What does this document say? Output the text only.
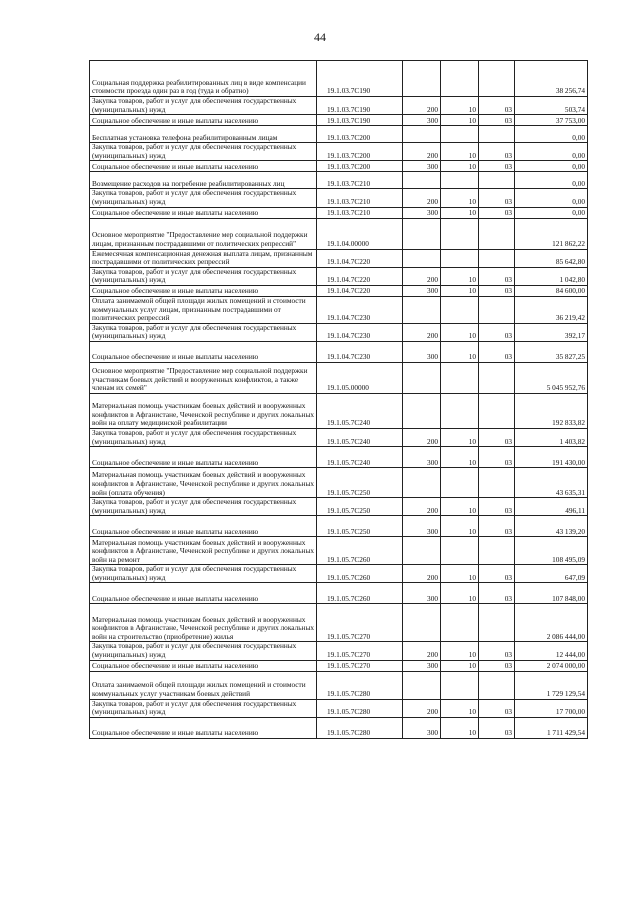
44
Социальная поддержка реабилитированных лиц в виде компенсации стоимости проезда один раз в год (туда и обратно)	19.1.03.7С190				38 256,74
Закупка товаров, работ и услуг для обеспечения государственных (муниципальных) нужд	19.1.03.7С190	200	10	03	503,74
Социальное обеспечение и иные выплаты населению	19.1.03.7С190	300	10	03	37 753,00
Бесплатная установка телефона реабилитированным лицам	19.1.03.7С200				0,00
Закупка товаров, работ и услуг для обеспечения государственных (муниципальных) нужд	19.1.03.7С200	200	10	03	0,00
Социальное обеспечение и иные выплаты населению	19.1.03.7С200	300	10	03	0,00
Возмещение расходов на погребение реабилитированных лиц	19.1.03.7С210				0,00
Закупка товаров, работ и услуг для обеспечения государственных (муниципальных) нужд	19.1.03.7С210	200	10	03	0,00
Социальное обеспечение и иные выплаты населению	19.1.03.7С210	300	10	03	0,00
Основное мероприятие "Предоставление мер социальной поддержки лицам, признанным пострадавшими от политических репрессий"	19.1.04.00000				121 862,22
Ежемесячная компенсационная денежная выплата лицам, признанным пострадавшими от политических репрессий	19.1.04.7С220				85 642,80
Закупка товаров, работ и услуг для обеспечения государственных (муниципальных) нужд	19.1.04.7С220	200	10	03	1 042,80
Социальное обеспечение и иные выплаты населению	19.1.04.7С220	300	10	03	84 600,00
Оплата занимаемой общей площади жилых помещений и стоимости коммунальных услуг лицам, признанным пострадавшими от политических репрессий	19.1.04.7С230				36 219,42
Закупка товаров, работ и услуг для обеспечения государственных (муниципальных) нужд	19.1.04.7С230	200	10	03	392,17
Социальное обеспечение и иные выплаты населению	19.1.04.7С230	300	10	03	35 827,25
Основное мероприятие "Предоставление мер социальной поддержки участникам боевых действий и вооруженных конфликтов, а также членам их семей"	19.1.05.00000				5 045 952,76
Материальная помощь участникам боевых действий и вооруженных конфликтов в Афганистане, Чеченской республике и других локальных войн на оплату медицинской реабилитации	19.1.05.7С240				192 833,82
Закупка товаров, работ и услуг для обеспечения государственных (муниципальных) нужд	19.1.05.7С240	200	10	03	1 403,82
Социальное обеспечение и иные выплаты населению	19.1.05.7С240	300	10	03	191 430,00
Материальная помощь участникам боевых действий и вооруженных конфликтов в Афганистане, Чеченской республике и других локальных войн (оплата обучения)	19.1.05.7С250				43 635,31
Закупка товаров, работ и услуг для обеспечения государственных (муниципальных) нужд	19.1.05.7С250	200	10	03	496,11
Социальное обеспечение и иные выплаты населению	19.1.05.7С250	300	10	03	43 139,20
Материальная помощь участникам боевых действий и вооруженных конфликтов в Афганистане, Чеченской республике и других локальных войн на ремонт	19.1.05.7С260				108 495,09
Закупка товаров, работ и услуг для обеспечения государственных (муниципальных) нужд	19.1.05.7С260	200	10	03	647,09
Социальное обеспечение и иные выплаты населению	19.1.05.7С260	300	10	03	107 848,00
Материальная помощь участникам боевых действий и вооруженных конфликтов в Афганистане, Чеченской республике и других локальных войн на строительство (приобретение) жилья	19.1.05.7С270				2 086 444,00
Закупка товаров, работ и услуг для обеспечения государственных (муниципальных) нужд	19.1.05.7С270	200	10	03	12 444,00
Социальное обеспечение и иные выплаты населению	19.1.05.7С270	300	10	03	2 074 000,00
Оплата занимаемой общей площади жилых помещений и стоимости коммунальных услуг участникам боевых действий	19.1.05.7С280				1 729 129,54
Закупка товаров, работ и услуг для обеспечения государственных (муниципальных) нужд	19.1.05.7С280	200	10	03	17 700,00
Социальное обеспечение и иные выплаты населению	19.1.05.7С280	300	10	03	1 711 429,54
